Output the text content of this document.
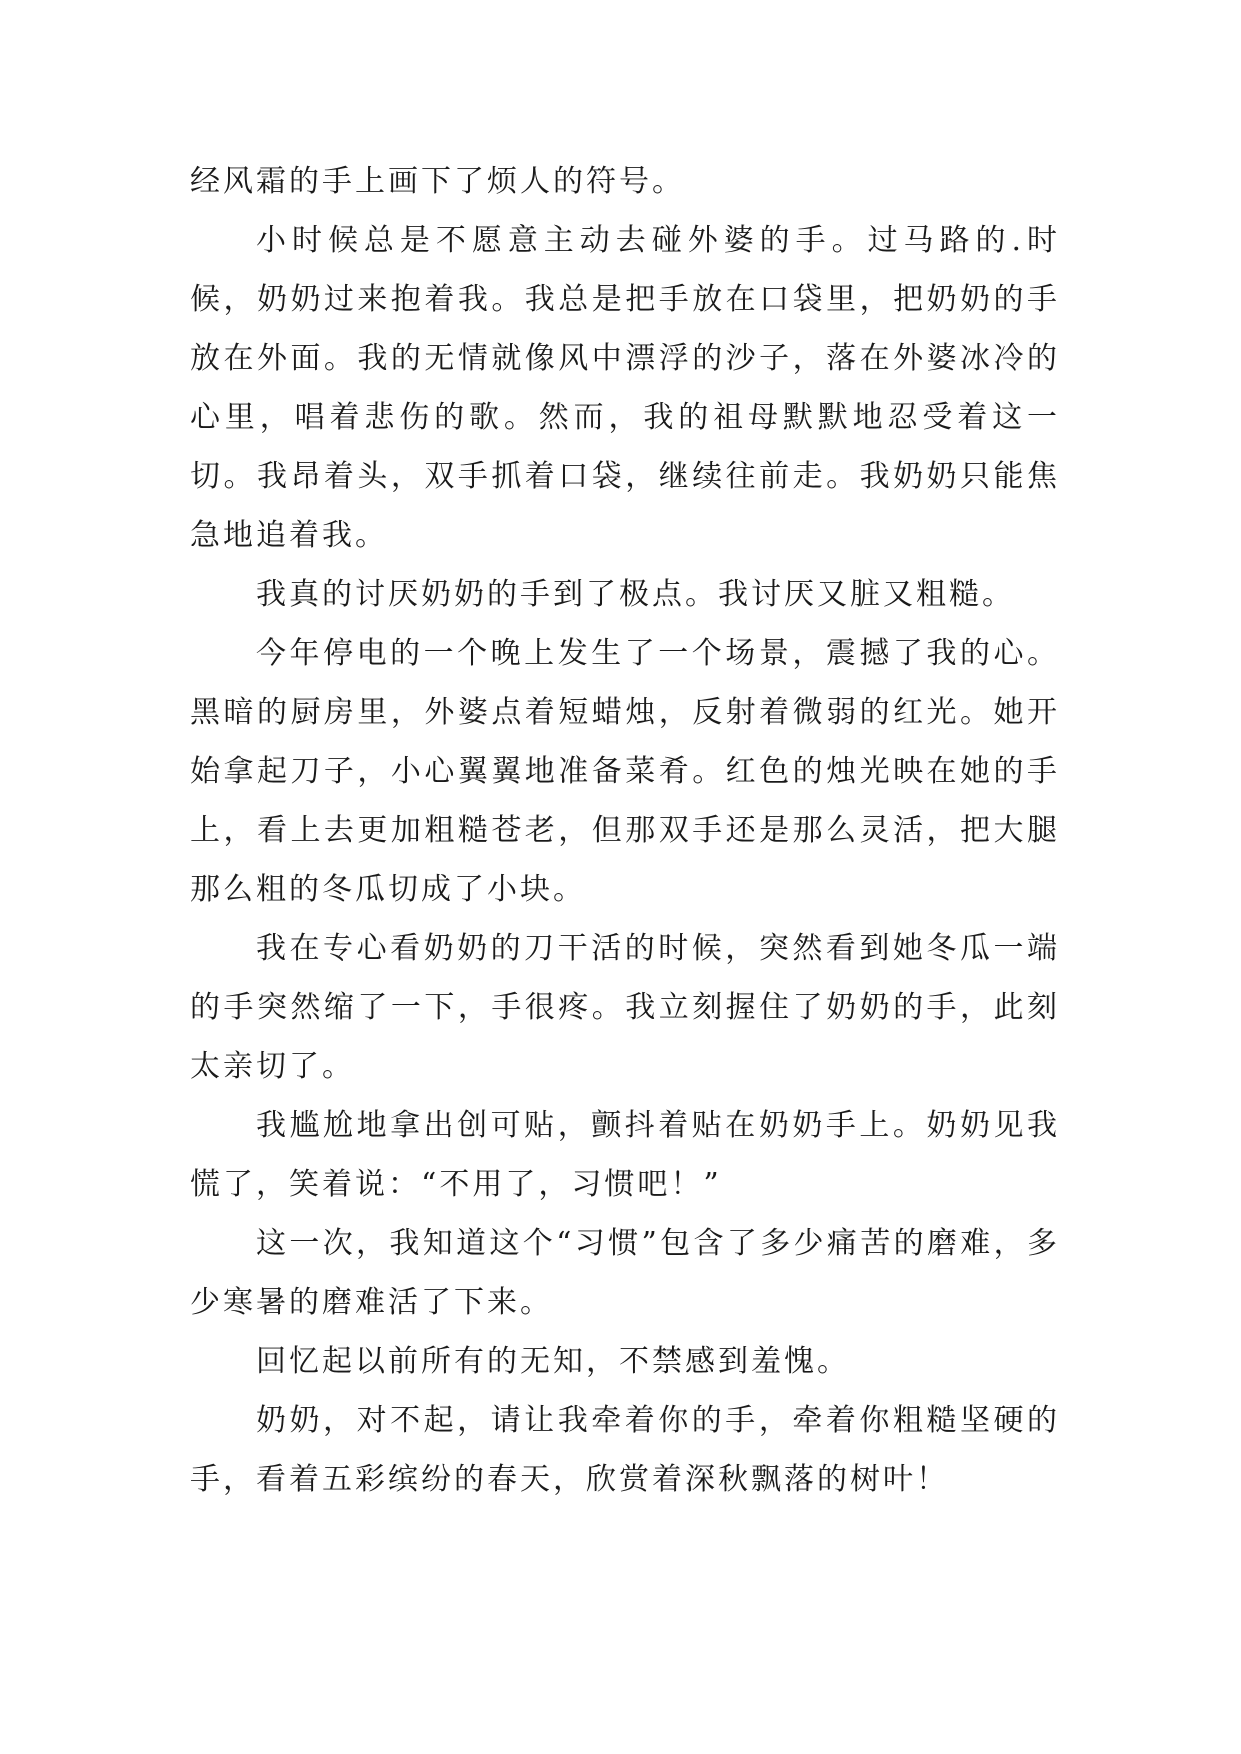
经风霜的手上画下了烦人的符号。

小时候总是不愿意主动去碰外婆的手。过马路的.时候，奶奶过来抱着我。我总是把手放在口袋里，把奶奶的手放在外面。我的无情就像风中漂浮的沙子，落在外婆冰冷的心里，唱着悲伤的歌。然而，我的祖母默默地忍受着这一切。我昂着头，双手抓着口袋，继续往前走。我奶奶只能焦急地追着我。

我真的讨厌奶奶的手到了极点。我讨厌又脏又粗糙。

今年停电的一个晚上发生了一个场景，震撼了我的心。黑暗的厨房里，外婆点着短蜡烛，反射着微弱的红光。她开始拿起刀子，小心翼翼地准备菜肴。红色的烛光映在她的手上，看上去更加粗糙苍老，但那双手还是那么灵活，把大腿那么粗的冬瓜切成了小块。

我在专心看奶奶的刀干活的时候，突然看到她冬瓜一端的手突然缩了一下，手很疼。我立刻握住了奶奶的手，此刻太亲切了。

我尴尬地拿出创可贴，颤抖着贴在奶奶手上。奶奶见我慌了，笑着说：“不用了，习惯吧！”

这一次，我知道这个“习惯”包含了多少痛苦的磨难，多少寒暑的磨难活了下来。

回忆起以前所有的无知，不禁感到羞愧。

奶奶，对不起，请让我牵着你的手，牵着你粗糙坚硬的手，看着五彩缤纷的春天，欣赏着深秋飘落的树叶！
